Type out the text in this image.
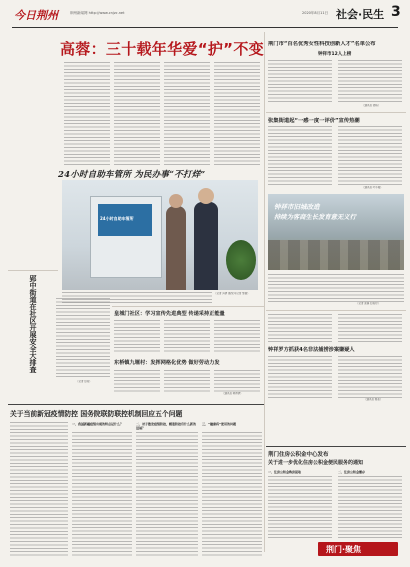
今日荆州	荆州新闻网 http://www.cnjzc.net	2020年8月11日 社会·民生 3
高蓉：三十载年华爱“护”不变
24小时自助车管所 为民办事“不打烊”
24小时自助车管所
（记者 冯倩 摄/见习记者 黎丽）
荆门市“百名优秀女性科技创新人才”名单公布
钟祥市12人上榜
（通讯员 胡杨）
张集街道起“一感一度一评价”宣传热潮
（通讯员 叶冬梅）
钟祥市旧城改造
持续为客商生长发育意无义行
（记者 张娟 赵传玲）
郢中街道在社区开展安全大排查
（记者 赵传）
皇城门社区：学习宣传先进典型 传递采持正能量
东桥镇九堰村：发挥网格化优势 做好劳动力发
（通讯员 韩倩倩）
钟祥罗方抓获4名非法捕捞涉案嫌疑人
（通讯员 程若）
关于当前新冠疫情防控 国务院联防联控机制回应五个问题
一、我国新疆疫情出现的特点是什么？	二、对于散发疫情防控，精准防控有什么新的进展？
三、“健康码”使用的问题
荆门住房公积金中心发布
关于进一步优化住房公积金便民服务的通知
一、住房公积金购房提取	二、住房公积金缴存
荆门·聚焦
